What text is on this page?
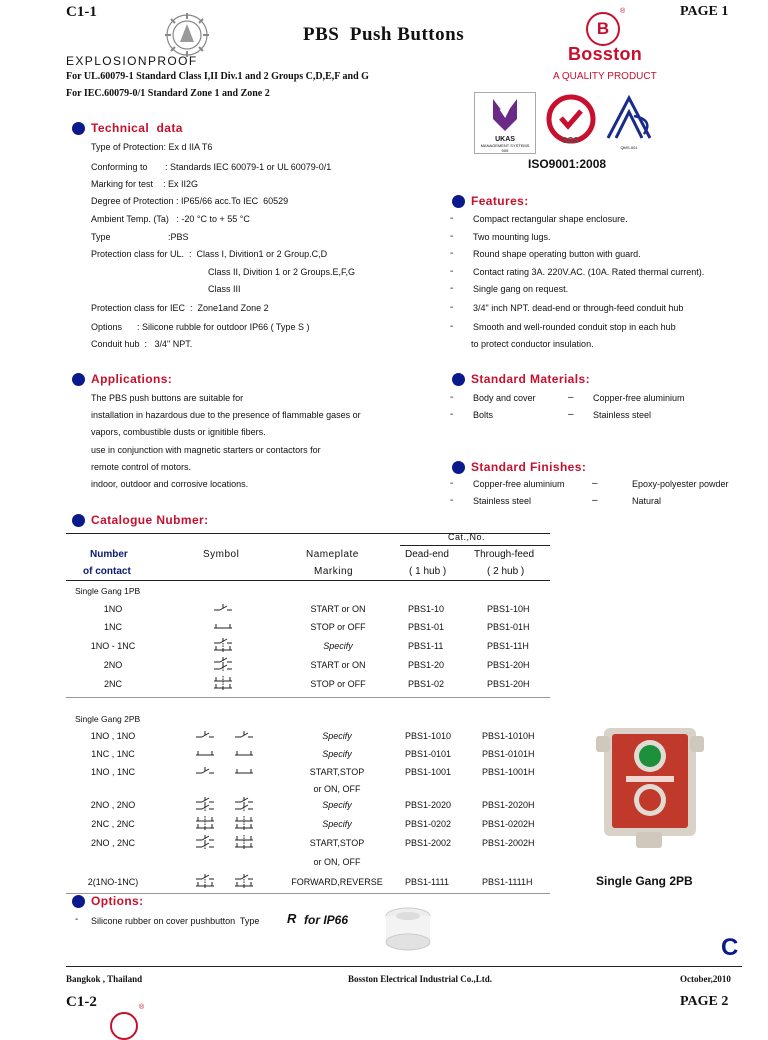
C1-1	PAGE 1
PBS  Push Buttons
EXPLOSIONPROOF
For UL.60079-1 Standard Class I,II Div.1 and 2 Groups C,D,E,F and G
For IEC.60079-0/1 Standard Zone 1 and Zone 2
B
®
Bosston
A QUALITY PRODUCT
UKAS
MANAGEMENT SYSTEMS
005
SGS
QMS-001
ISO9001:2008
Technical  data
Type of Protection: Ex d IIA T6
Conforming to       : Standards IEC 60079-1 or UL 60079-0/1
Marking for test    : Ex II2G
Degree of Protection : IP65/66 acc.To IEC  60529
Ambient Temp. (Ta)   : -20 °C to + 55 °C
Type                       :PBS
Protection class for UL.  :  Class I, Divition1 or 2 Group.C,D
Class II, Divition 1 or 2 Groups.E,F,G
Class III
Protection class for IEC  :  Zone1and Zone 2
Options      : Silicone rubble for outdoor IP66 ( Type S )
Conduit hub  :   3/4" NPT.
Features:
- Compact rectangular shape enclosure.
- Two mounting lugs.
- Round shape operating button with guard.
- Contact rating 3A. 220V.AC. (10A. Rated thermal current).
- Single gang on request.
- 3/4" inch NPT. dead-end or through-feed conduit hub
- Smooth and well-rounded conduit stop in each hub
to protect conductor insulation.
Applications:
The PBS push buttons are suitable for
installation in hazardous due to the presence of flammable gases or
vapors, combustible dusts or ignitible fibers.
use in conjunction with magnetic starters or contactors for
remote control of motors.
indoor, outdoor and corrosive locations.
Standard Materials:
- Body and cover	– Copper-free aluminium
- Bolts	– Stainless steel
Standard Finishes:
- Copper-free aluminium	–	Epoxy-polyester powder
- Stainless steel	–	Natural
Catalogue Nubmer:
Cat.,No.
Number
of contact
Symbol	Nameplate
Marking
Dead-end
( 1 hub )
Through-feed
( 2 hub )
Single Gang 1PB
1NO	START or ON	PBS1-10	PBS1-10H
1NC	STOP or OFF	PBS1-01	PBS1-01H
1NO - 1NC	Specify	PBS1-11	PBS1-11H
2NO	START or ON	PBS1-20	PBS1-20H
2NC	STOP or OFF	PBS1-02	PBS1-20H
Single Gang 2PB
1NO , 1NO	Specify	PBS1-1010	PBS1-1010H
1NC , 1NC	Specify	PBS1-0101	PBS1-0101H
1NO , 1NC	START,STOP	PBS1-1001	PBS1-1001H
or ON, OFF
2NO , 2NO	Specify	PBS1-2020	PBS1-2020H
2NC , 2NC	Specify	PBS1-0202	PBS1-0202H
2NO , 2NC	START,STOP	PBS1-2002	PBS1-2002H
or ON, OFF
2(1NO-1NC)	FORWARD,REVERSE	PBS1-1111	PBS1-1111H	Single Gang 2PB
Options:
- Silicone rubber on cover pushbutton  Type R for IP66
C
Bangkok , Thailand	Bosston Electrical Industrial Co.,Ltd.	October,2010
C1-2	PAGE 2
®
